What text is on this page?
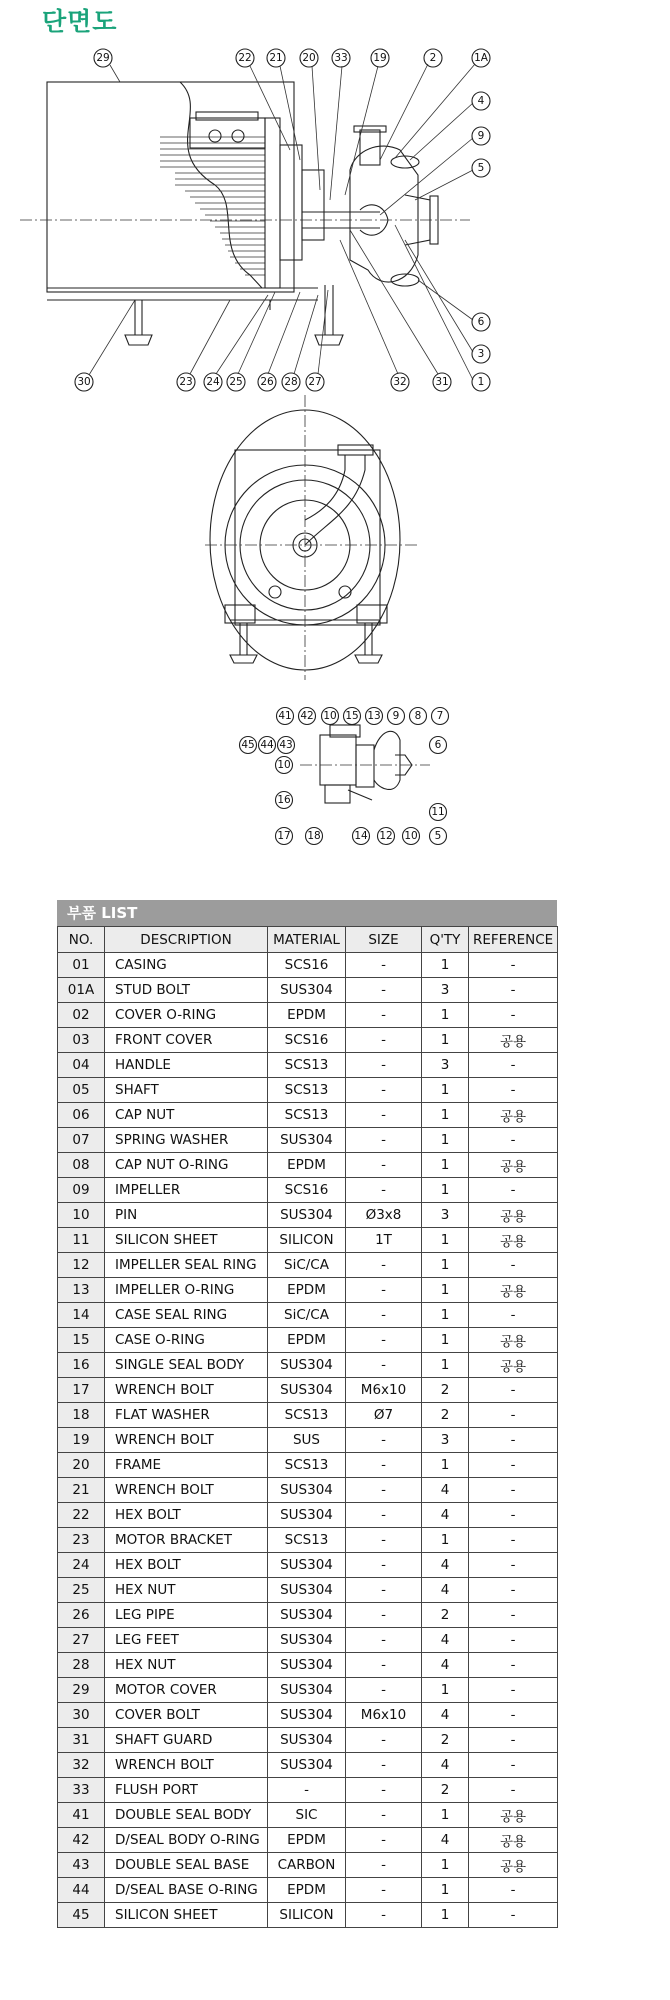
단면도
29	22 21 20 33 19	2	1A
4
9
5
6
3
1
30	23 24 25 26 28 27	32	31
41 42 10 15 13 9 8 7
45 44 43	6
10
16
11
17 18	14 12 10 5
부품 LIST
NO.	DESCRIPTION	MATERIAL	SIZE	Q'TY	REFERENCE
01	CASING	SCS16	-	1	-
01A	STUD BOLT	SUS304	-	3	-
02	COVER O-RING	EPDM	-	1	-
03	FRONT COVER	SCS16	-	1	공용
04	HANDLE	SCS13	-	3	-
05	SHAFT	SCS13	-	1	-
06	CAP NUT	SCS13	-	1	공용
07	SPRING WASHER	SUS304	-	1	-
08	CAP NUT O-RING	EPDM	-	1	공용
09	IMPELLER	SCS16	-	1	-
10	PIN	SUS304	Ø3x8	3	공용
11	SILICON SHEET	SILICON	1T	1	공용
12	IMPELLER SEAL RING	SiC/CA	-	1	-
13	IMPELLER O-RING	EPDM	-	1	공용
14	CASE SEAL RING	SiC/CA	-	1	-
15	CASE O-RING	EPDM	-	1	공용
16	SINGLE SEAL BODY	SUS304	-	1	공용
17	WRENCH BOLT	SUS304	M6x10	2	-
18	FLAT WASHER	SCS13	Ø7	2	-
19	WRENCH BOLT	SUS	-	3	-
20	FRAME	SCS13	-	1	-
21	WRENCH BOLT	SUS304	-	4	-
22	HEX BOLT	SUS304	-	4	-
23	MOTOR BRACKET	SCS13	-	1	-
24	HEX BOLT	SUS304	-	4	-
25	HEX NUT	SUS304	-	4	-
26	LEG PIPE	SUS304	-	2	-
27	LEG FEET	SUS304	-	4	-
28	HEX NUT	SUS304	-	4	-
29	MOTOR COVER	SUS304	-	1	-
30	COVER BOLT	SUS304	M6x10	4	-
31	SHAFT GUARD	SUS304	-	2	-
32	WRENCH BOLT	SUS304	-	4	-
33	FLUSH PORT	-	-	2	-
41	DOUBLE SEAL BODY	SIC	-	1	공용
42	D/SEAL BODY O-RING	EPDM	-	4	공용
43	DOUBLE SEAL BASE	CARBON	-	1	공용
44	D/SEAL BASE O-RING	EPDM	-	1	-
45	SILICON SHEET	SILICON	-	1	-
